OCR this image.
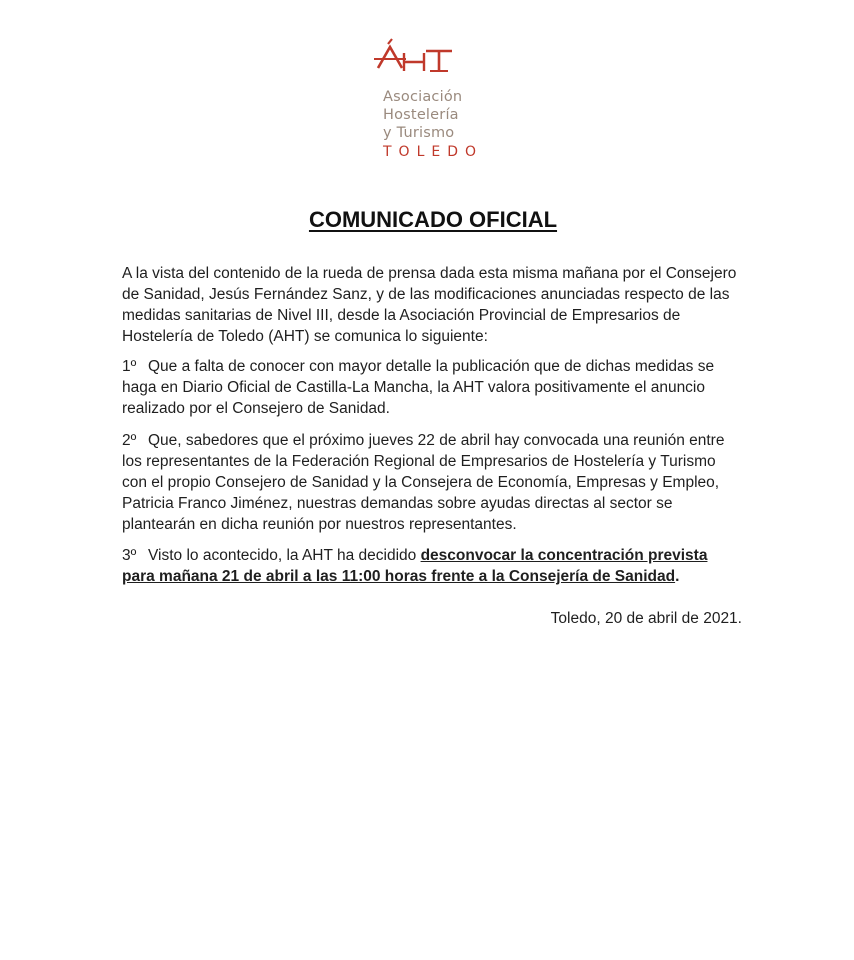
Asociación
Hostelería
y Turismo
TOLEDO
COMUNICADO OFICIAL
A la vista del contenido de la rueda de prensa dada esta misma mañana por el Consejero
de Sanidad, Jesús Fernández Sanz, y de las modificaciones anunciadas respecto de las
medidas sanitarias de Nivel III, desde la Asociación Provincial de Empresarios de
Hostelería de Toledo (AHT) se comunica lo siguiente:
1º Que a falta de conocer con mayor detalle la publicación que de dichas medidas se
haga en Diario Oficial de Castilla-La Mancha, la AHT valora positivamente el anuncio
realizado por el Consejero de Sanidad.
2º Que, sabedores que el próximo jueves 22 de abril hay convocada una reunión entre
los representantes de la Federación Regional de Empresarios de Hostelería y Turismo
con el propio Consejero de Sanidad y la Consejera de Economía, Empresas y Empleo,
Patricia Franco Jiménez, nuestras demandas sobre ayudas directas al sector se
plantearán en dicha reunión por nuestros representantes.
3º Visto lo acontecido, la AHT ha decidido desconvocar la concentración prevista
para mañana 21 de abril a las 11:00 horas frente a la Consejería de Sanidad.
Toledo, 20 de abril de 2021.
